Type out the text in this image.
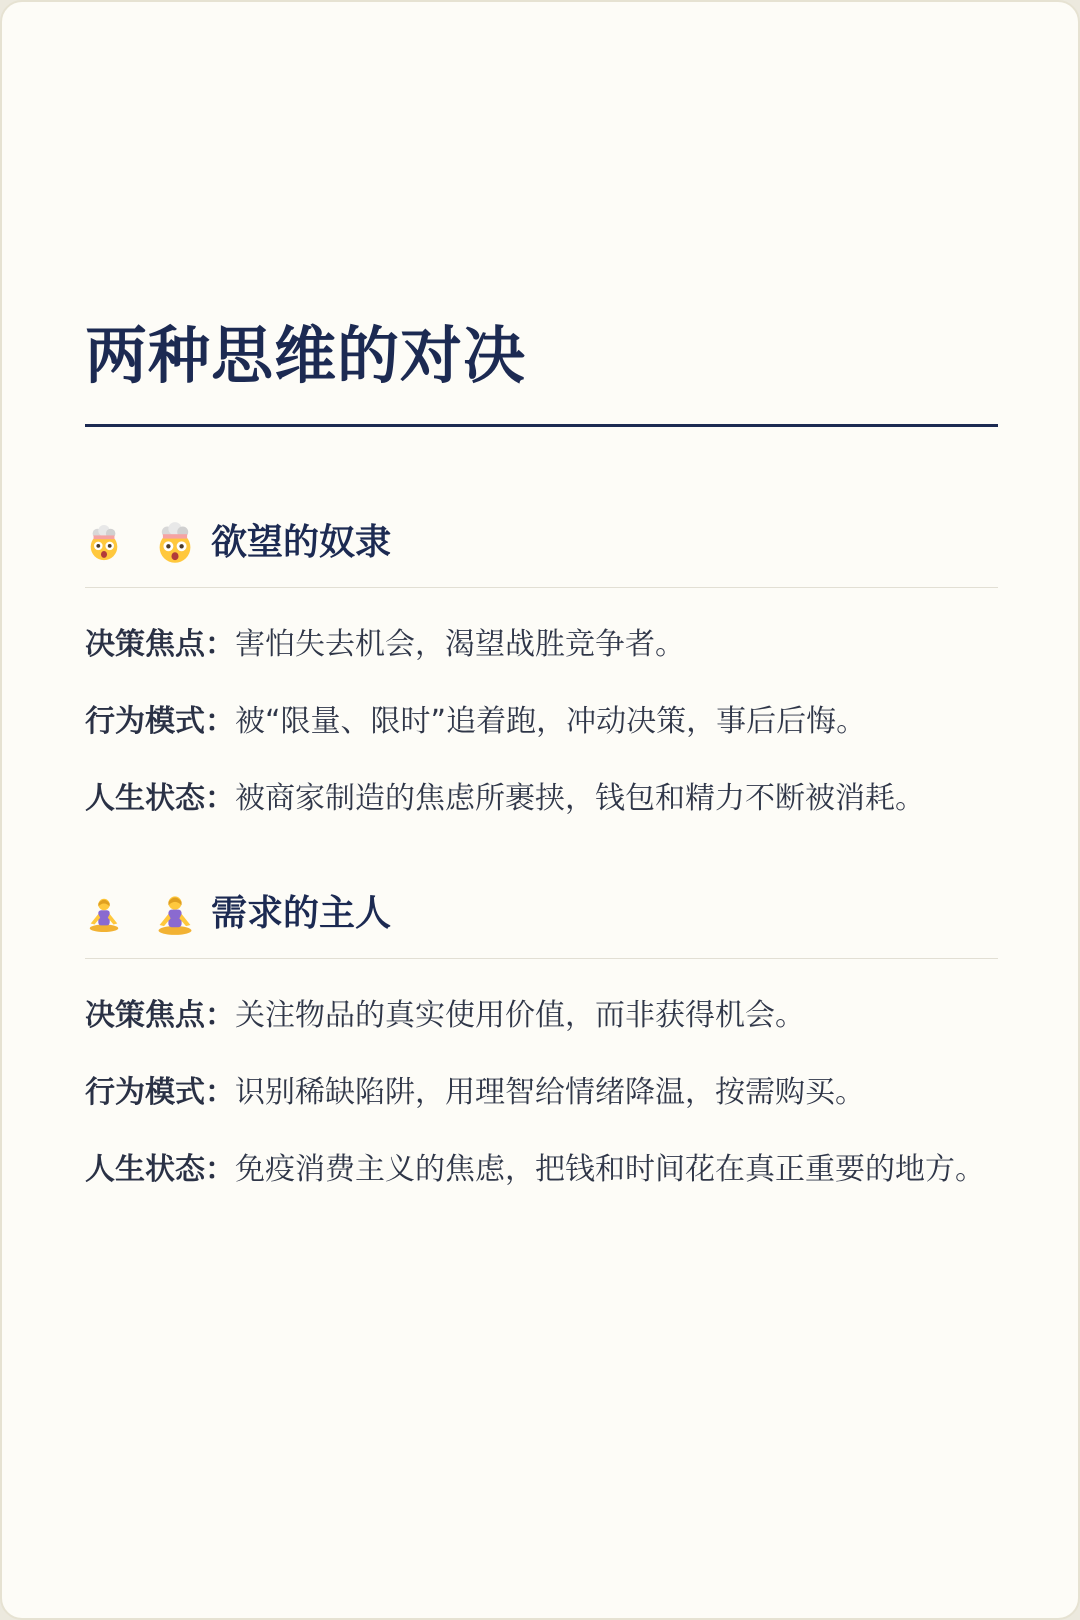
两种思维的对决
欲望的奴隶
决策焦点：害怕失去机会，渴望战胜竞争者。
行为模式：被“限量、限时”追着跑，冲动决策，事后后悔。
人生状态：被商家制造的焦虑所裹挟，钱包和精力不断被消耗。
需求的主人
决策焦点：关注物品的真实使用价值，而非获得机会。
行为模式：识别稀缺陷阱，用理智给情绪降温，按需购买。
人生状态：免疫消费主义的焦虑，把钱和时间花在真正重要的地方。
